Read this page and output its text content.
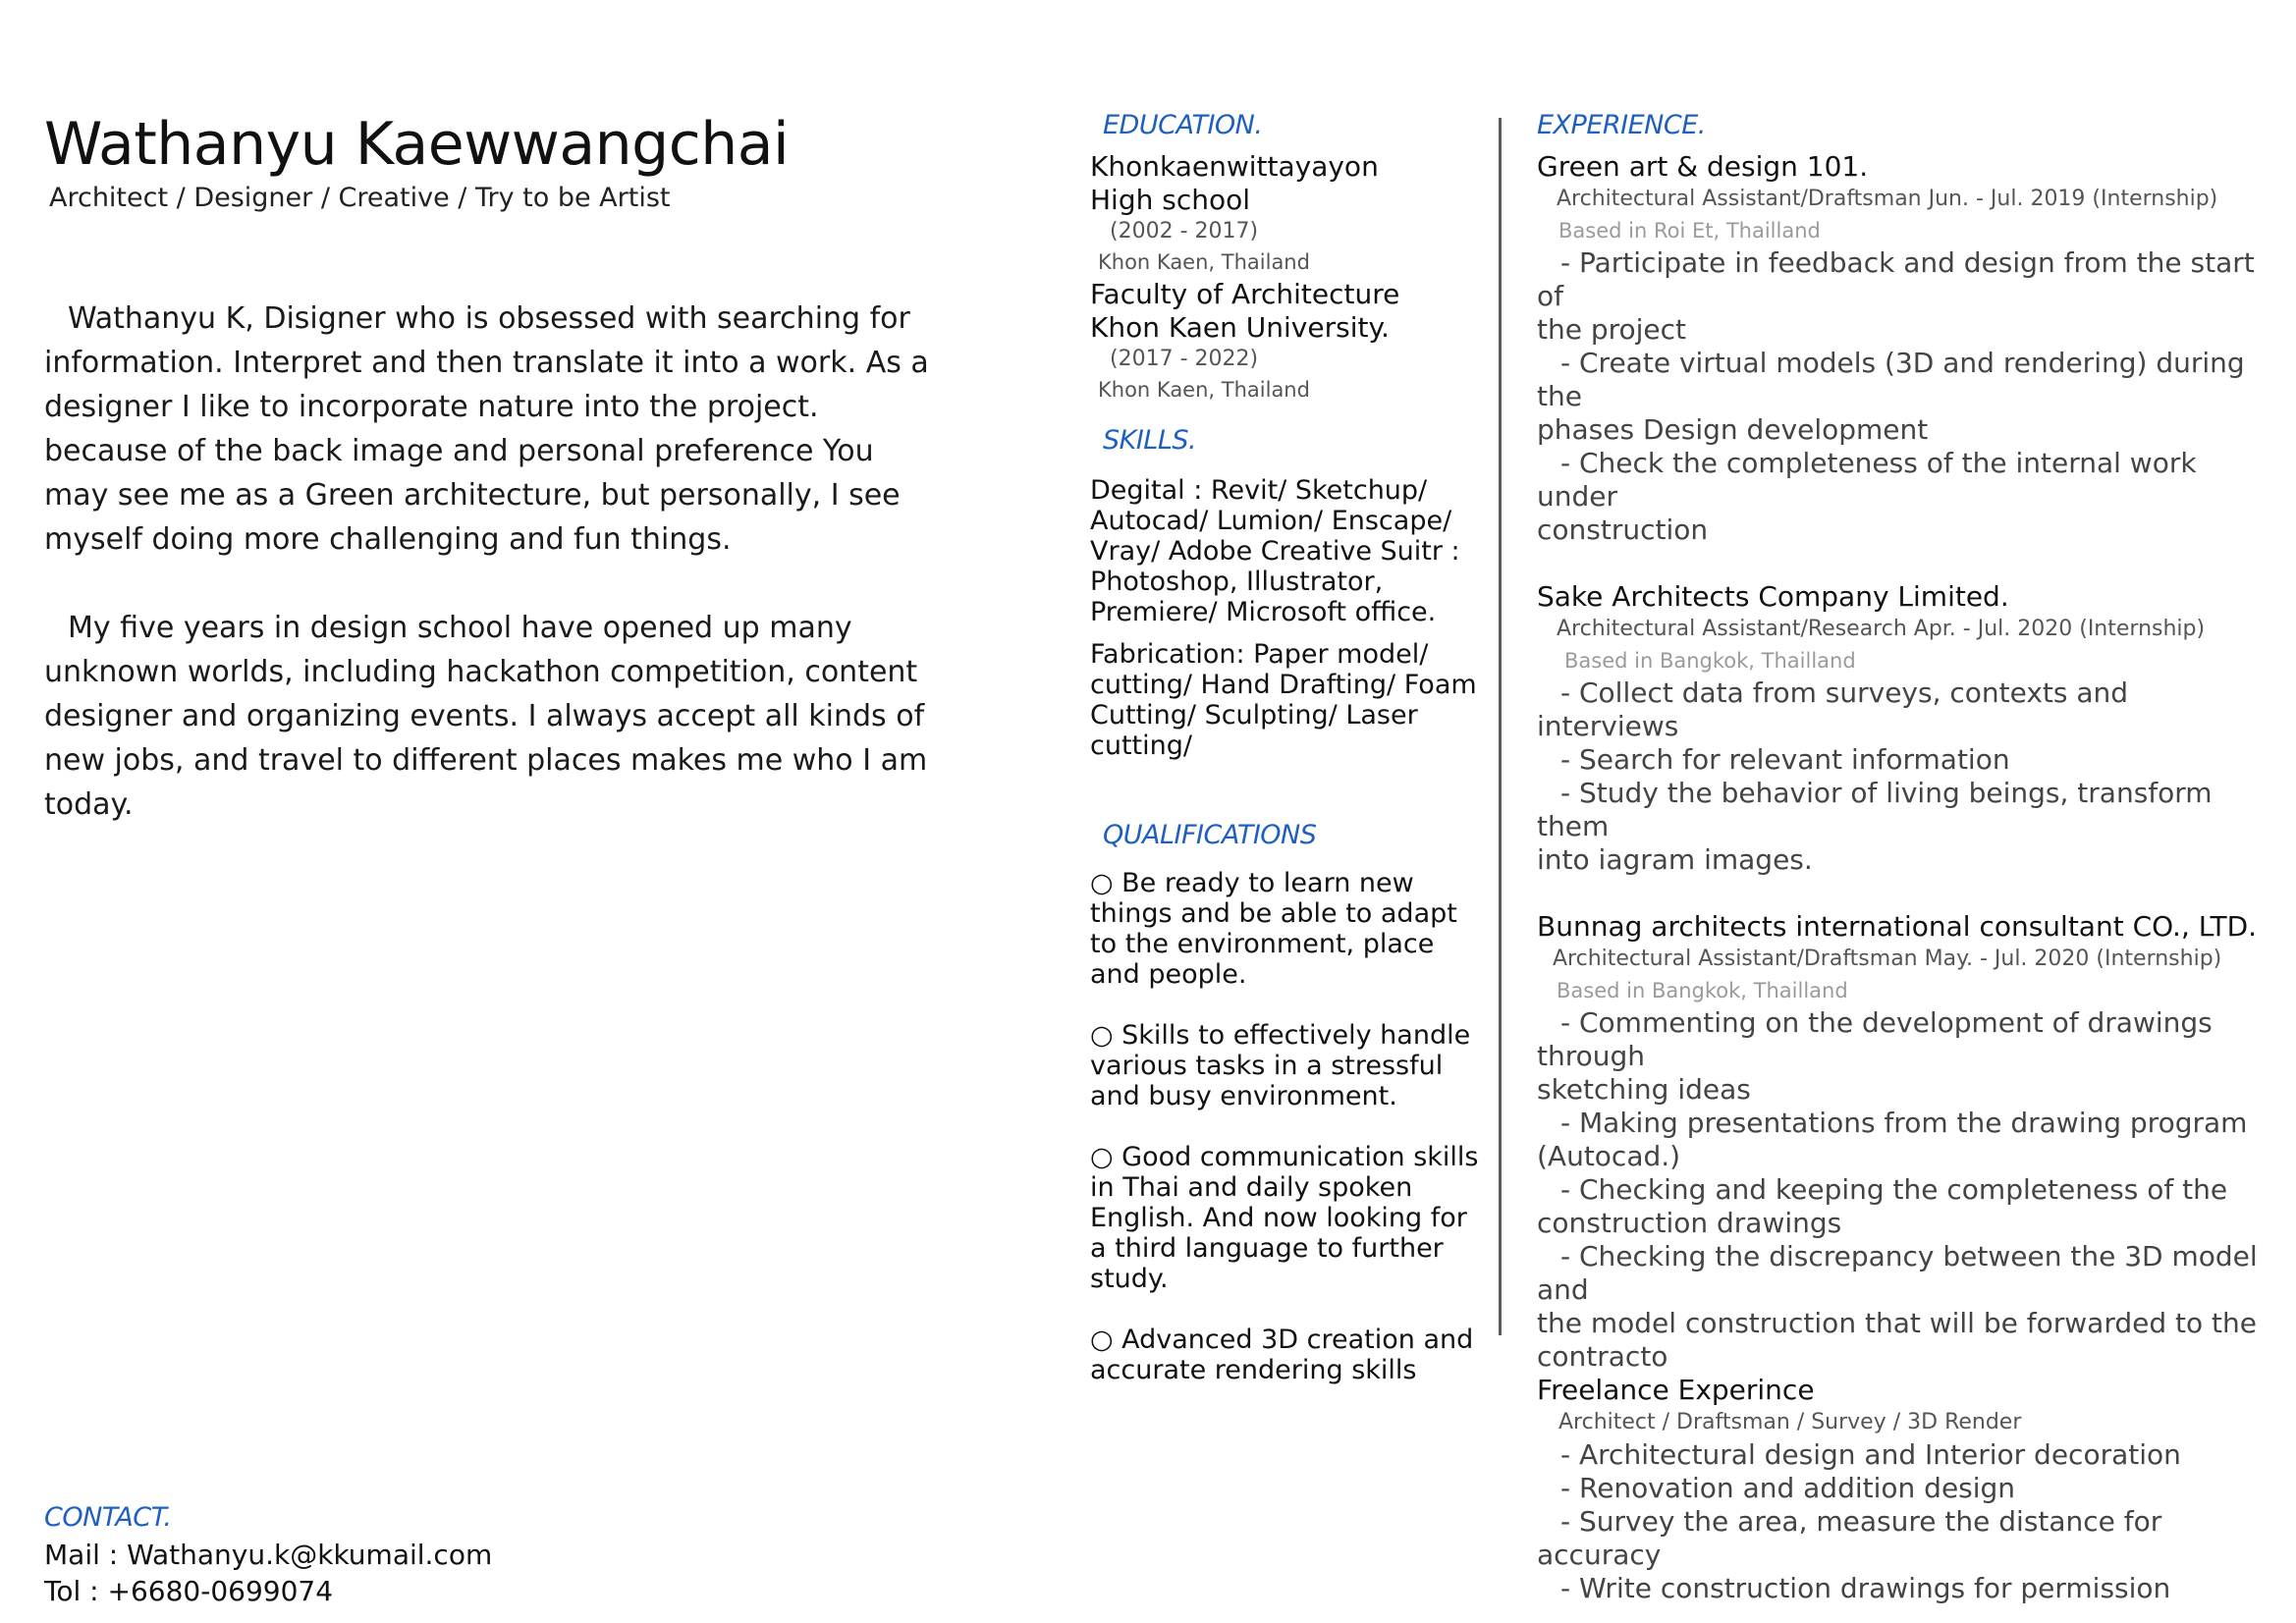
Wathanyu Kaewwangchai
Architect / Designer / Creative / Try to be Artist

Wathanyu K, Disigner who is obsessed with searching for information. Interpret and then translate it into a work. As a designer I like to incorporate nature into the project. because of the back image and personal preference You may see me as a Green architecture, but personally, I see myself doing more challenging and fun things.

My five years in design school have opened up many unknown worlds, including hackathon competition, content designer and organizing events. I always accept all kinds of new jobs, and travel to different places makes me who I am today.

CONTACT.
Mail : Wathanyu.k@kkumail.com
Tol : +6680-0699074
EDUCATION.
Khonkaenwittayayon
High school
(2002 - 2017)
Khon Kaen, Thailand
Faculty of Architecture
Khon Kaen University.
(2017 - 2022)
Khon Kaen, Thailand
SKILLS.
Degital : Revit/ Sketchup/ Autocad/ Lumion/ Enscape/ Vray/ Adobe Creative Suitr : Photoshop, Illustrator, Premiere/ Microsoft office.
Fabrication: Paper model/ cutting/ Hand Drafting/ Foam Cutting/ Sculpting/ Laser cutting/
QUALIFICATIONS
○ Be ready to learn new things and be able to adapt to the environment, place and people.
○ Skills to effectively handle various tasks in a stressful and busy environment.
○ Good communication skills in Thai and daily spoken English. And now looking for a third language to further study.
○ Advanced 3D creation and accurate rendering skills
EXPERIENCE.
Green art & design 101.
Architectural Assistant/Draftsman Jun. - Jul. 2019 (Internship)
Based in Roi Et, Thailland
- Participate in feedback and design from the start of
the project
- Create virtual models (3D and rendering) during the
phases Design development
- Check the completeness of the internal work under
construction
Sake Architects Company Limited.
Architectural Assistant/Research Apr. - Jul. 2020 (Internship)
Based in Bangkok, Thailland
- Collect data from surveys, contexts and interviews
- Search for relevant information
- Study the behavior of living beings, transform them
into iagram images.
Bunnag architects international consultant CO., LTD.
Architectural Assistant/Draftsman May. - Jul. 2020 (Internship)
Based in Bangkok, Thailland
- Commenting on the development of drawings through
sketching ideas
- Making presentations from the drawing program
(Autocad.)
- Checking and keeping the completeness of the
construction drawings
- Checking the discrepancy between the 3D model and
the model construction that will be forwarded to the
contracto
Freelance Experince
Architect / Draftsman / Survey / 3D Render
- Architectural design and Interior decoration
- Renovation and addition design
- Survey the area, measure the distance for accuracy
- Write construction drawings for permission
